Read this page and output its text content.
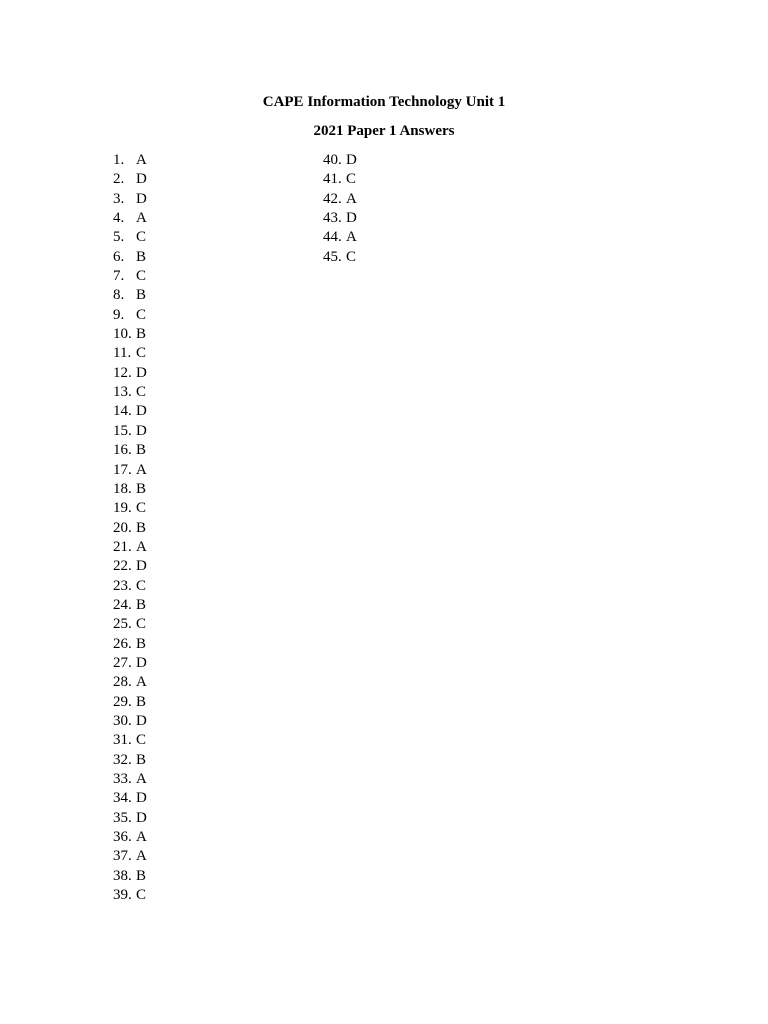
CAPE Information Technology Unit 1

2021 Paper 1 Answers

1. A
2. D
3. D
4. A
5. C
6. B
7. C
8. B
9. C
10. B
11. C
12. D
13. C
14. D
15. D
16. B
17. A
18. B
19. C
20. B
21. A
22. D
23. C
24. B
25. C
26. B
27. D
28. A
29. B
30. D
31. C
32. B
33. A
34. D
35. D
36. A
37. A
38. B
39. C
40. D
41. C
42. A
43. D
44. A
45. C
